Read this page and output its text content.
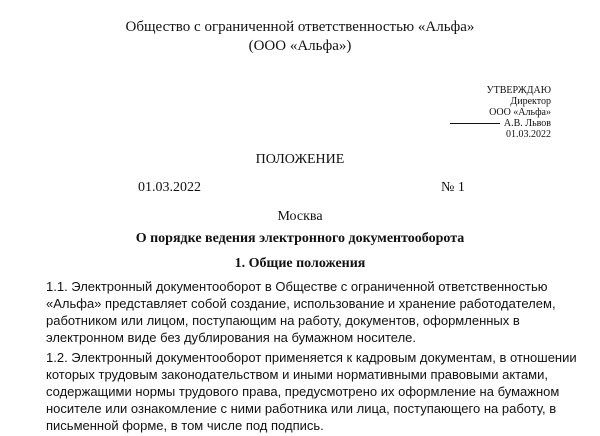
Общество с ограниченной ответственностью «Альфа»
(ООО «Альфа»)
УТВЕРЖДАЮ
Директор
ООО «Альфа»
А.В. Львов
01.03.2022
ПОЛОЖЕНИЕ
01.03.2022	№ 1
Москва
О порядке ведения электронного документооборота
1. Общие положения
1.1. Электронный документооборот в Обществе с ограниченной ответственностью
«Альфа» представляет собой создание, использование и хранение работодателем,
работником или лицом, поступающим на работу, документов, оформленных в
электронном виде без дублирования на бумажном носителе.
1.2. Электронный документооборот применяется к кадровым документам, в отношении
которых трудовым законодательством и иными нормативными правовыми актами,
содержащими нормы трудового права, предусмотрено их оформление на бумажном
носителе или ознакомление с ними работника или лица, поступающего на работу, в
письменной форме, в том числе под подпись.
